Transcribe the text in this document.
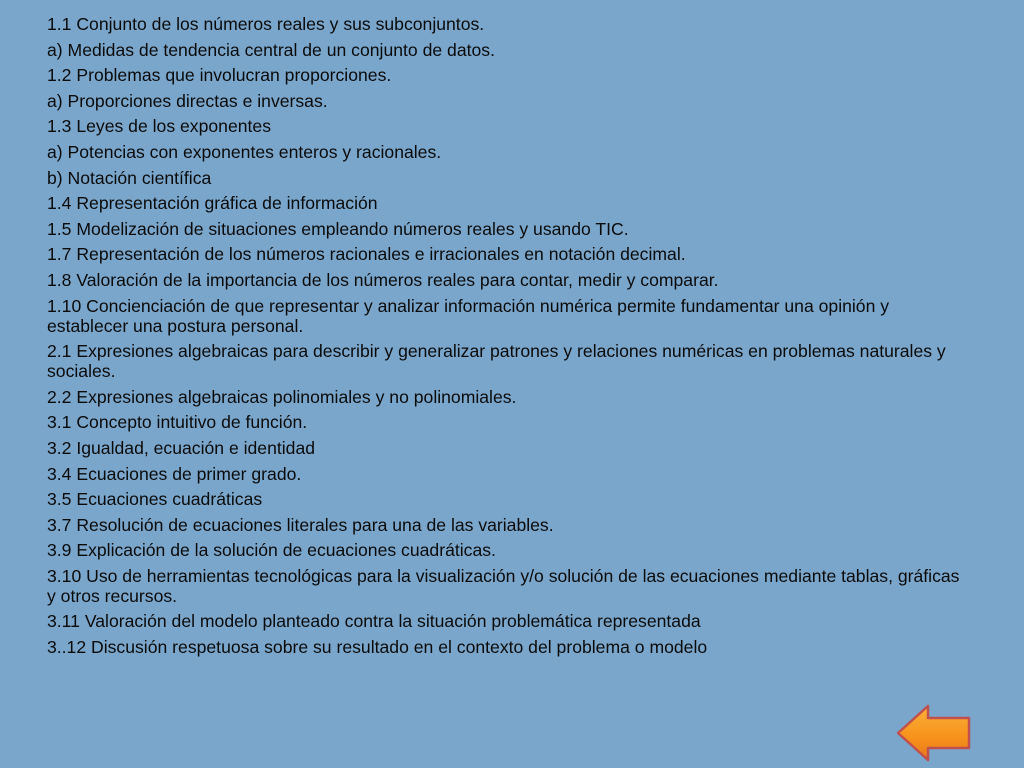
1.1 Conjunto de los números reales y sus subconjuntos.
a) Medidas de tendencia central de un conjunto de datos.
1.2 Problemas que involucran proporciones.
a) Proporciones directas e inversas.
1.3 Leyes de los exponentes
a) Potencias con exponentes enteros y racionales.
b) Notación científica
1.4 Representación gráfica de información
1.5 Modelización de situaciones empleando números reales y usando TIC.
1.7 Representación de los números racionales e irracionales en notación decimal.
1.8 Valoración de la importancia de los números reales para contar, medir y comparar.
1.10 Concienciación de que representar y analizar información numérica permite fundamentar una opinión y establecer una postura personal.
2.1 Expresiones algebraicas para describir y generalizar patrones y relaciones numéricas en problemas naturales y sociales.
2.2 Expresiones algebraicas polinomiales y no polinomiales.
3.1 Concepto intuitivo de función.
3.2 Igualdad, ecuación e identidad
3.4 Ecuaciones de primer grado.
3.5 Ecuaciones cuadráticas
3.7 Resolución de ecuaciones literales para una de las variables.
3.9 Explicación de la solución de ecuaciones cuadráticas.
3.10 Uso de herramientas tecnológicas para la visualización y/o solución de las ecuaciones mediante tablas, gráficas y otros recursos.
3.11 Valoración del modelo planteado contra la situación problemática representada
3..12 Discusión respetuosa sobre su resultado en el contexto del problema o modelo
